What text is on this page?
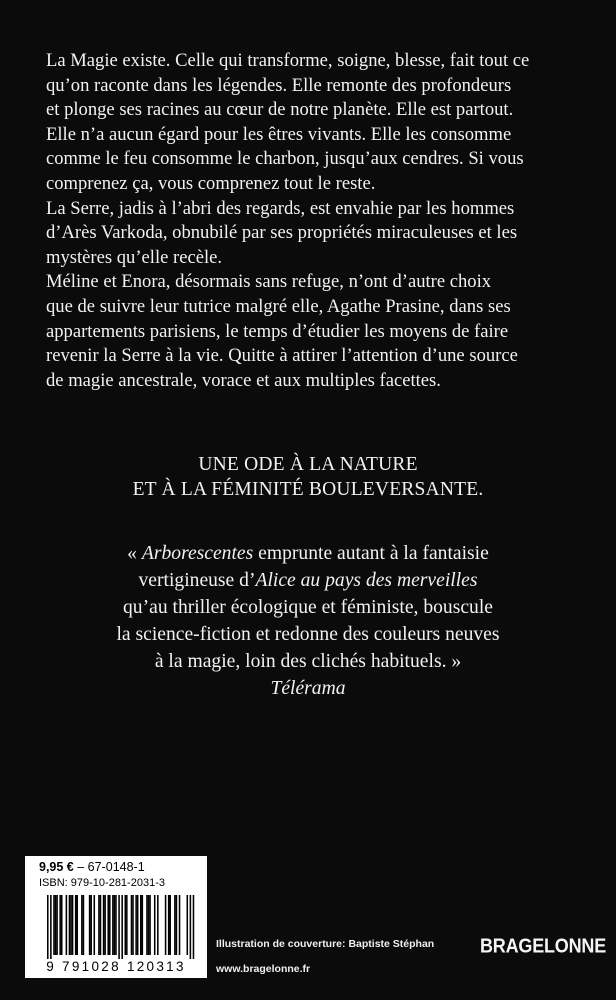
La Magie existe. Celle qui transforme, soigne, blesse, fait tout ce
qu’on raconte dans les légendes. Elle remonte des profondeurs
et plonge ses racines au cœur de notre planète. Elle est partout.
Elle n’a aucun égard pour les êtres vivants. Elle les consomme
comme le feu consomme le charbon, jusqu’aux cendres. Si vous
comprenez ça, vous comprenez tout le reste.

La Serre, jadis à l’abri des regards, est envahie par les hommes
d’Arès Varkoda, obnubilé par ses propriétés miraculeuses et les
mystères qu’elle recèle.

Méline et Enora, désormais sans refuge, n’ont d’autre choix
que de suivre leur tutrice malgré elle, Agathe Prasine, dans ses
appartements parisiens, le temps d’étudier les moyens de faire
revenir la Serre à la vie. Quitte à attirer l’attention d’une source
de magie ancestrale, vorace et aux multiples facettes.

UNE ODE À LA NATURE
ET À LA FÉMINITÉ BOULEVERSANTE.
« Arborescentes emprunte autant à la fantaisie
vertigineuse d’Alice au pays des merveilles
qu’au thriller écologique et féministe, bouscule
la science-fiction et redonne des couleurs neuves
à la magie, loin des clichés habituels. »
Télérama
9,95 € – 67-0148-1
ISBN: 979-10-281-2031-3
9 791028 120313
Illustration de couverture: Baptiste Stéphan
www.bragelonne.fr
BRAGELONNE
